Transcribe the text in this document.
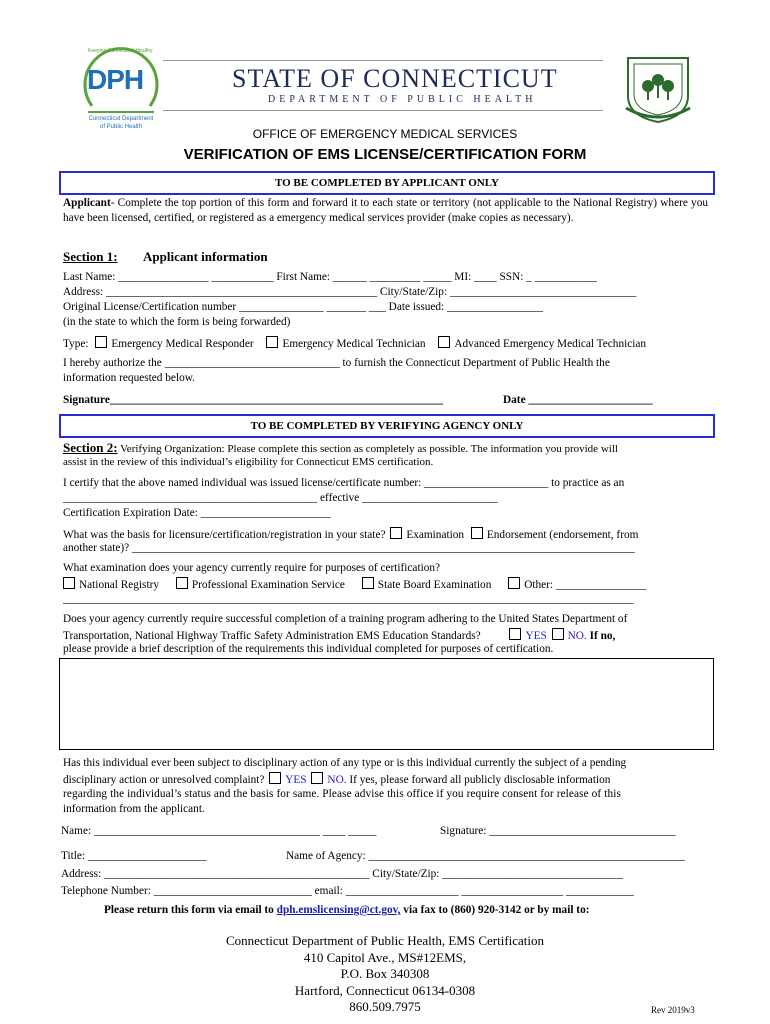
DPH
Keeping Connecticut Healthy
Connecticut Department
of Public Health
STATE OF CONNECTICUT
DEPARTMENT OF PUBLIC HEALTH
OFFICE OF EMERGENCY MEDICAL SERVICES
VERIFICATION OF EMS LICENSE/CERTIFICATION FORM
TO BE COMPLETED BY APPLICANT ONLY
Applicant- Complete the top portion of this form and forward it to each state or territory (not applicable to the National Registry) where you have been licensed, certified, or registered as a emergency medical services provider (make copies as necessary).
Section 1: Applicant information
Last Name: ________________ ___________ First Name: ______ _________ _____ MI: ____ SSN: _ ___________
Address: ________________________________________________ City/State/Zip: _________________________________
Original License/Certification number _______________ _______ ___ Date issued: _________________
(in the state to which the form is being forwarded)
Type: Emergency Medical Responder	Emergency Medical Technician	Advanced Emergency Medical Technician
I hereby authorize the _______________________________ to furnish the Connecticut Department of Public Health the
information requested below.
Signature___________________________________________________________	Date ______________________
TO BE COMPLETED BY VERIFYING AGENCY ONLY
Section 2: Verifying Organization: Please complete this section as completely as possible. The information you provide will
assist in the review of this individual’s eligibility for Connecticut EMS certification.
I certify that the above named individual was issued license/certificate number: ______________________ to practice as an
_____________________________________________ effective ________________________
Certification Expiration Date: _______________________
What was the basis for licensure/certification/registration in your state? Examination Endorsement (endorsement, from
another state)? _________________________________________________________________________________________
What examination does your agency currently require for purposes of certification?
National Registry	Professional Examination Service	State Board Examination	Other: ________________
_____________________________________________________________________________________________________
Does your agency currently require successful completion of a training program adhering to the United States Department of
Transportation, National Highway Traffic Safety Administration EMS Education Standards?	YES NO. If no,
please provide a brief description of the requirements this individual completed for purposes of certification.
Has this individual ever been subject to disciplinary action of any type or is this individual currently the subject of a pending
disciplinary action or unresolved complaint? YES NO. If yes, please forward all publicly disclosable information
regarding the individual’s status and the basis for same. Please advise this office if you require consent for release of this
information from the applicant.
Name: ________________________________________ ____ _____	Signature: _________________________________
Title: _____________________	Name of Agency: ________________________________________________________
Address: _______________________________________________ City/State/Zip: ________________________________
Telephone Number: ____________________________ email: ____________________ __________________ ____________
Please return this form via email to dph.emslicensing@ct.gov, via fax to (860) 920-3142 or by mail to:
Connecticut Department of Public Health, EMS Certification
410 Capitol Ave., MS#12EMS,
P.O. Box 340308
Hartford, Connecticut 06134-0308
860.509.7975	Rev 2019v3
